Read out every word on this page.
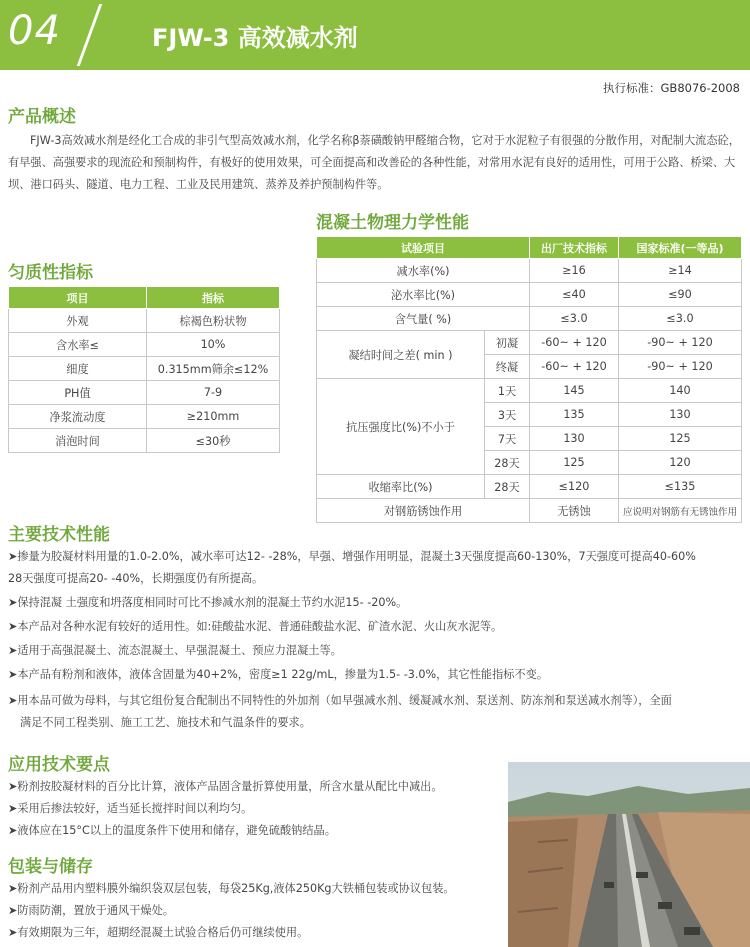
04	FJW-3 高效减水剂
执行标准：GB8076-2008
产品概述
FJW-3高效减水剂是经化工合成的非引气型高效减水剂，化学名称β萘磺酸钠甲醛缩合物，它对于水泥粒子有很强的分散作用，对配制大流态砼，有早强、高强要求的现流砼和预制构件，有极好的使用效果，可全面提高和改善砼的各种性能，对常用水泥有良好的适用性，可用于公路、桥梁、大坝、港口码头、隧道、电力工程、工业及民用建筑、蒸养及养护预制构件等。
混凝土物理力学性能
匀质性指标
项目	指标
外观	棕褐色粉状物
含水率≤	10%
细度	0.315mm筛余≤12%
PH值	7-9
净浆流动度	≥210mm
消泡时间	≤30秒
试验项目		出厂技术指标	国家标准(一等品)
减水率(%)		≥16	≥14
泌水率比(%)		≤40	≤90
含气量( %)		≤3.0	≤3.0
凝结时间之差( min )	初凝	-60~ + 120	-90~ + 120
	终凝	-60~ + 120	-90~ + 120
抗压强度比(%)不小于	1天	145	140
	3天	135	130
	7天	130	125
	28天	125	120
收缩率比(%)	28天	≤120	≤135
对钢筋锈蚀作用		无锈蚀	应说明对钢筋有无锈蚀作用
主要技术性能
➤掺量为胶凝材料用量的1.0-2.0%，减水率可达12- -28%，早强、增强作用明显，混凝土3天强度提高60-130%，7天强度可提高40-60%
28天强度可提高20- -40%，长期强度仍有所提高。
➤保持混凝 土强度和坍落度相同时可比不掺减水剂的混凝土节约水泥15- -20%。
➤本产品对各种水泥有较好的适用性。如:硅酸盐水泥、普通硅酸盐水泥、矿渣水泥、火山灰水泥等。
➤适用于高强混凝土、流态混凝土、早强混凝土、预应力混凝土等。
➤本产品有粉剂和液体，液体含固量为40+2%，密度≥1 22g/mL，掺量为1.5- -3.0%，其它性能指标不变。
➤用本品可做为母料，与其它组份复合配制出不同特性的外加剂（如早强减水剂、缓凝减水剂、泵送剂、防冻剂和泵送减水剂等），全面
满足不同工程类别、施工工艺、施技术和气温条件的要求。
应用技术要点
➤粉剂按胶凝材料的百分比计算，液体产品固含量折算使用量，所含水量从配比中减出。
➤采用后掺法较好，适当延长搅拌时间以利均匀。
➤液体应在15°C以上的温度条件下使用和储存，避免硫酸钠结晶。
包装与储存
➤粉剂产品用内塑料膜外编织袋双层包装，每袋25Kg,液体250Kg大铁桶包装或协议包装。
➤防雨防潮，置放于通风干燥处。
➤有效期限为三年，超期经混凝土试验合格后仍可继续使用。
